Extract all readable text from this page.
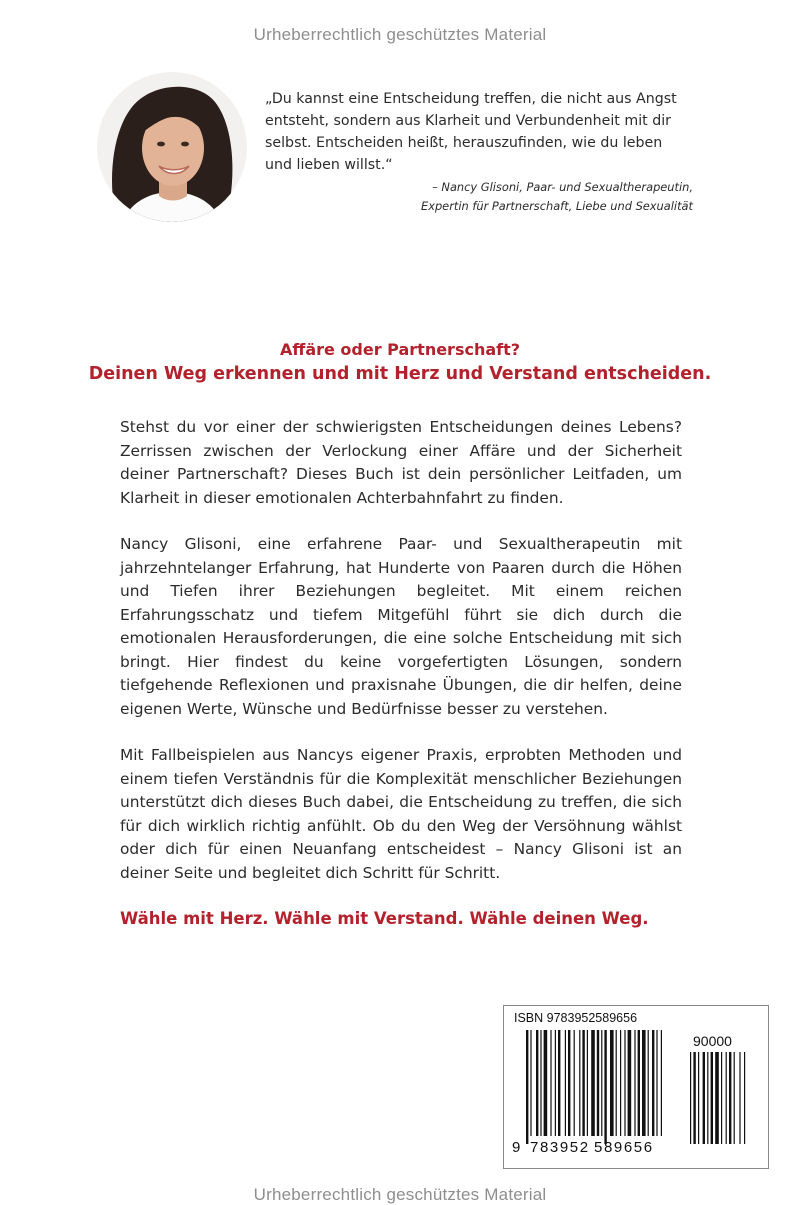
Urheberrechtlich geschütztes Material

„Du kannst eine Entscheidung treffen, die nicht aus Angst entsteht, sondern aus Klarheit und Verbundenheit mit dir selbst. Entscheiden heißt, herauszufinden, wie du leben und lieben willst.“

– Nancy Glisoni, Paar- und Sexualtherapeutin,
Expertin für Partnerschaft, Liebe und Sexualität
Affäre oder Partnerschaft?
Deinen Weg erkennen und mit Herz und Verstand entscheiden.

Stehst du vor einer der schwierigsten Entscheidungen deines Lebens? Zerrissen zwischen der Verlockung einer Affäre und der Sicherheit deiner Partnerschaft? Dieses Buch ist dein persönlicher Leitfaden, um Klarheit in dieser emotionalen Achterbahnfahrt zu finden.

Nancy Glisoni, eine erfahrene Paar- und Sexualtherapeutin mit jahrzehntelanger Erfahrung, hat Hunderte von Paaren durch die Höhen und Tiefen ihrer Beziehungen begleitet. Mit einem reichen Erfahrungsschatz und tiefem Mitgefühl führt sie dich durch die emotionalen Herausforderungen, die eine solche Entscheidung mit sich bringt. Hier findest du keine vorgefertigten Lösungen, sondern tiefgehende Reflexionen und praxisnahe Übungen, die dir helfen, deine eigenen Werte, Wünsche und Bedürfnisse besser zu verstehen.

Mit Fallbeispielen aus Nancys eigener Praxis, erprobten Methoden und einem tiefen Verständnis für die Komplexität menschlicher Beziehungen unterstützt dich dieses Buch dabei, die Entscheidung zu treffen, die sich für dich wirklich richtig anfühlt. Ob du den Weg der Versöhnung wählst oder dich für einen Neuanfang entscheidest – Nancy Glisoni ist an deiner Seite und begleitet dich Schritt für Schritt.

Wähle mit Herz. Wähle mit Verstand. Wähle deinen Weg.
ISBN 9783952589656
90000
9 783952 589656
Urheberrechtlich geschütztes Material
